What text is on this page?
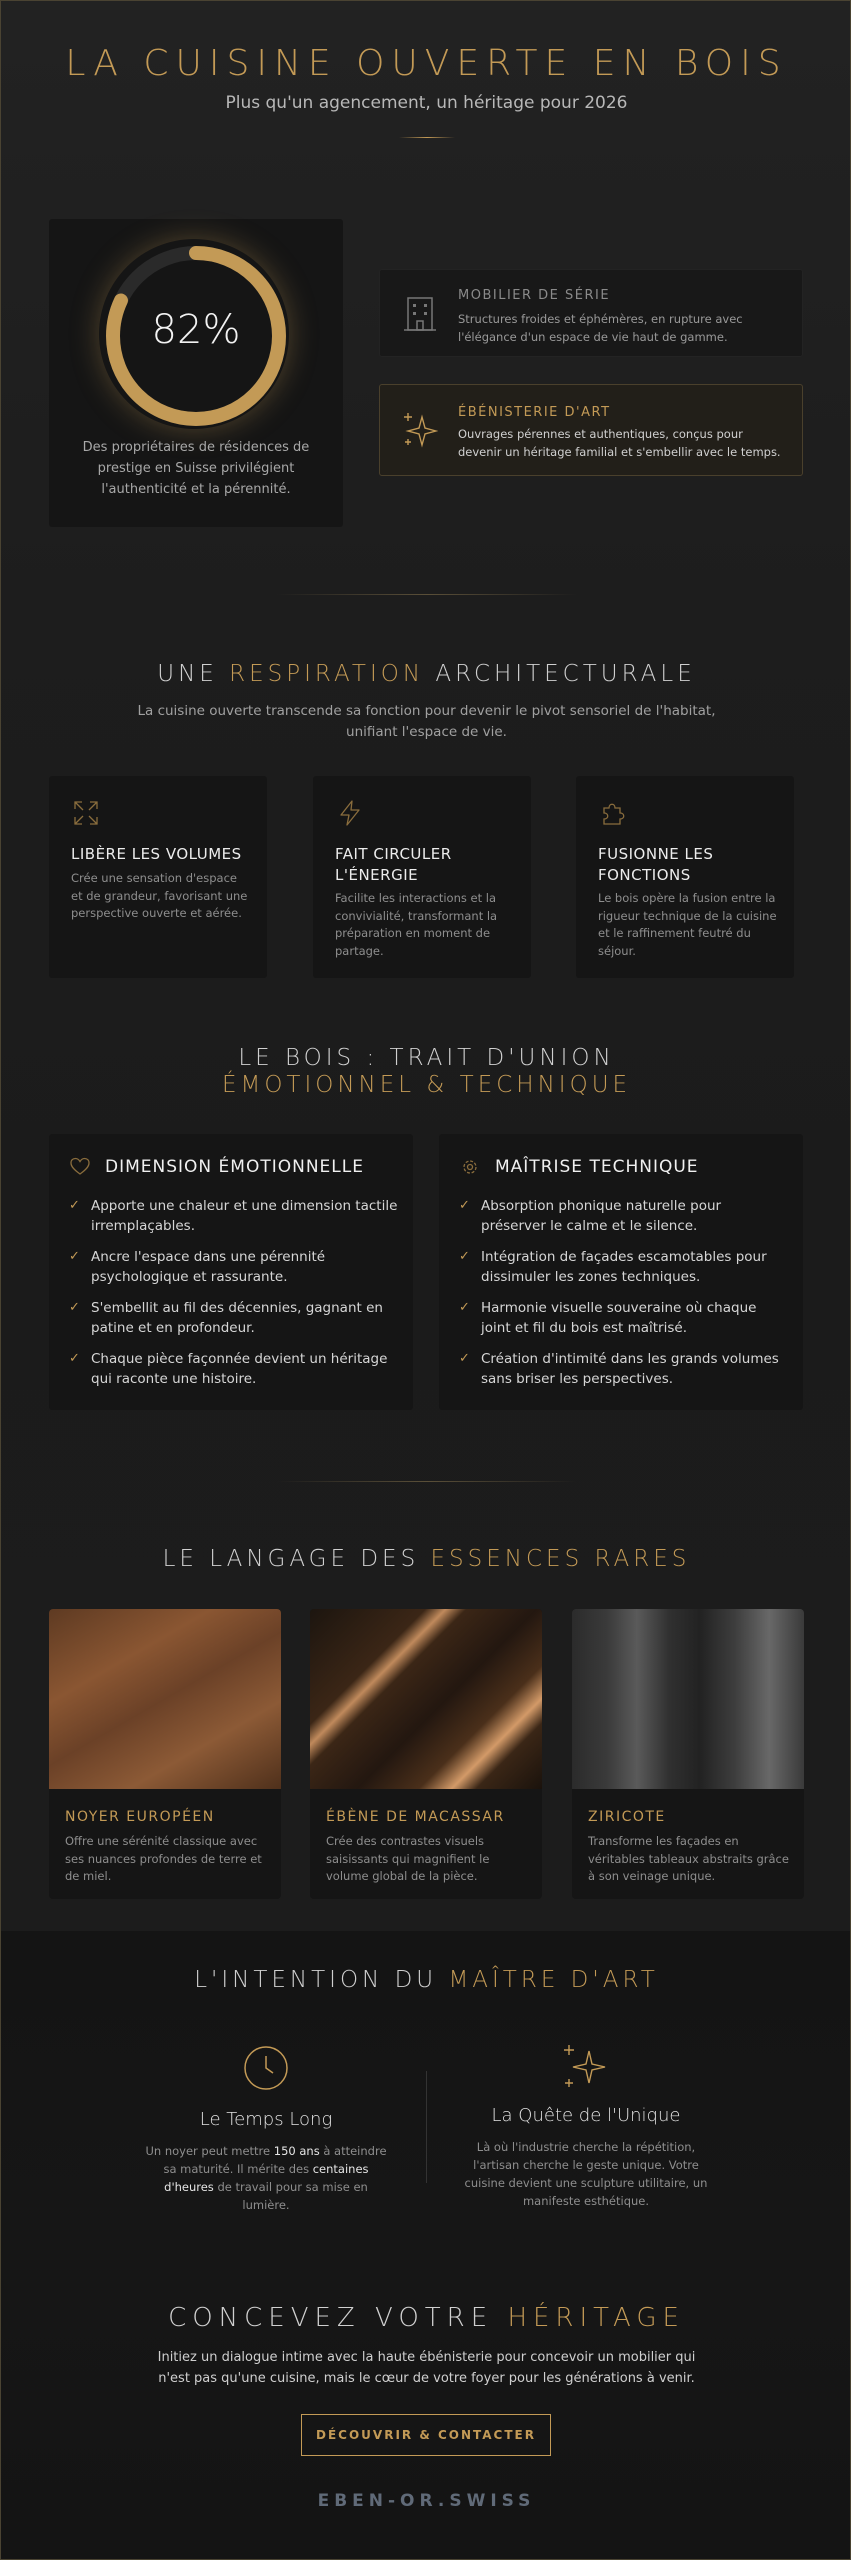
LA CUISINE OUVERTE EN BOIS

Plus qu'un agencement, un héritage pour 2026

82%

Des propriétaires de résidences de prestige en Suisse privilégient l'authenticité et la pérennité.

MOBILIER DE SÉRIE
Structures froides et éphémères, en rupture avec l'élégance d'un espace de vie haut de gamme.
ÉBÉNISTERIE D'ART
Ouvrages pérennes et authentiques, conçus pour devenir un héritage familial et s'embellir avec le temps.
UNE RESPIRATION ARCHITECTURALE

La cuisine ouverte transcende sa fonction pour devenir le pivot sensoriel de l'habitat, unifiant l'espace de vie.

LIBÈRE LES VOLUMES
Crée une sensation d'espace et de grandeur, favorisant une perspective ouverte et aérée.
FAIT CIRCULER L'ÉNERGIE
Facilite les interactions et la convivialité, transformant la préparation en moment de partage.
FUSIONNE LES FONCTIONS
Le bois opère la fusion entre la rigueur technique de la cuisine et le raffinement feutré du séjour.
LE BOIS : TRAIT D'UNION ÉMOTIONNEL & TECHNIQUE
DIMENSION ÉMOTIONNELLE
✓ Apporte une chaleur et une dimension tactile irremplaçables.
✓ Ancre l'espace dans une pérennité psychologique et rassurante.
✓ S'embellit au fil des décennies, gagnant en patine et en profondeur.
✓ Chaque pièce façonnée devient un héritage qui raconte une histoire.
MAÎTRISE TECHNIQUE
✓ Absorption phonique naturelle pour préserver le calme et le silence.
✓ Intégration de façades escamotables pour dissimuler les zones techniques.
✓ Harmonie visuelle souveraine où chaque joint et fil du bois est maîtrisé.
✓ Création d'intimité dans les grands volumes sans briser les perspectives.
LE LANGAGE DES ESSENCES RARES
NOYER EUROPÉEN
Offre une sérénité classique avec ses nuances profondes de terre et de miel.
ÉBÈNE DE MACASSAR
Crée des contrastes visuels saisissants qui magnifient le volume global de la pièce.
ZIRICOTE
Transforme les façades en véritables tableaux abstraits grâce à son veinage unique.
L'INTENTION DU MAÎTRE D'ART
Le Temps Long
Un noyer peut mettre 150 ans à atteindre sa maturité. Il mérite des centaines d'heures de travail pour sa mise en lumière.
La Quête de l'Unique
Là où l'industrie cherche la répétition, l'artisan cherche le geste unique. Votre cuisine devient une sculpture utilitaire, un manifeste esthétique.
CONCEVEZ VOTRE HÉRITAGE

Initiez un dialogue intime avec la haute ébénisterie pour concevoir un mobilier qui n'est pas qu'une cuisine, mais le cœur de votre foyer pour les générations à venir.

DÉCOUVRIR & CONTACTER
EBEN-OR.SWISS
